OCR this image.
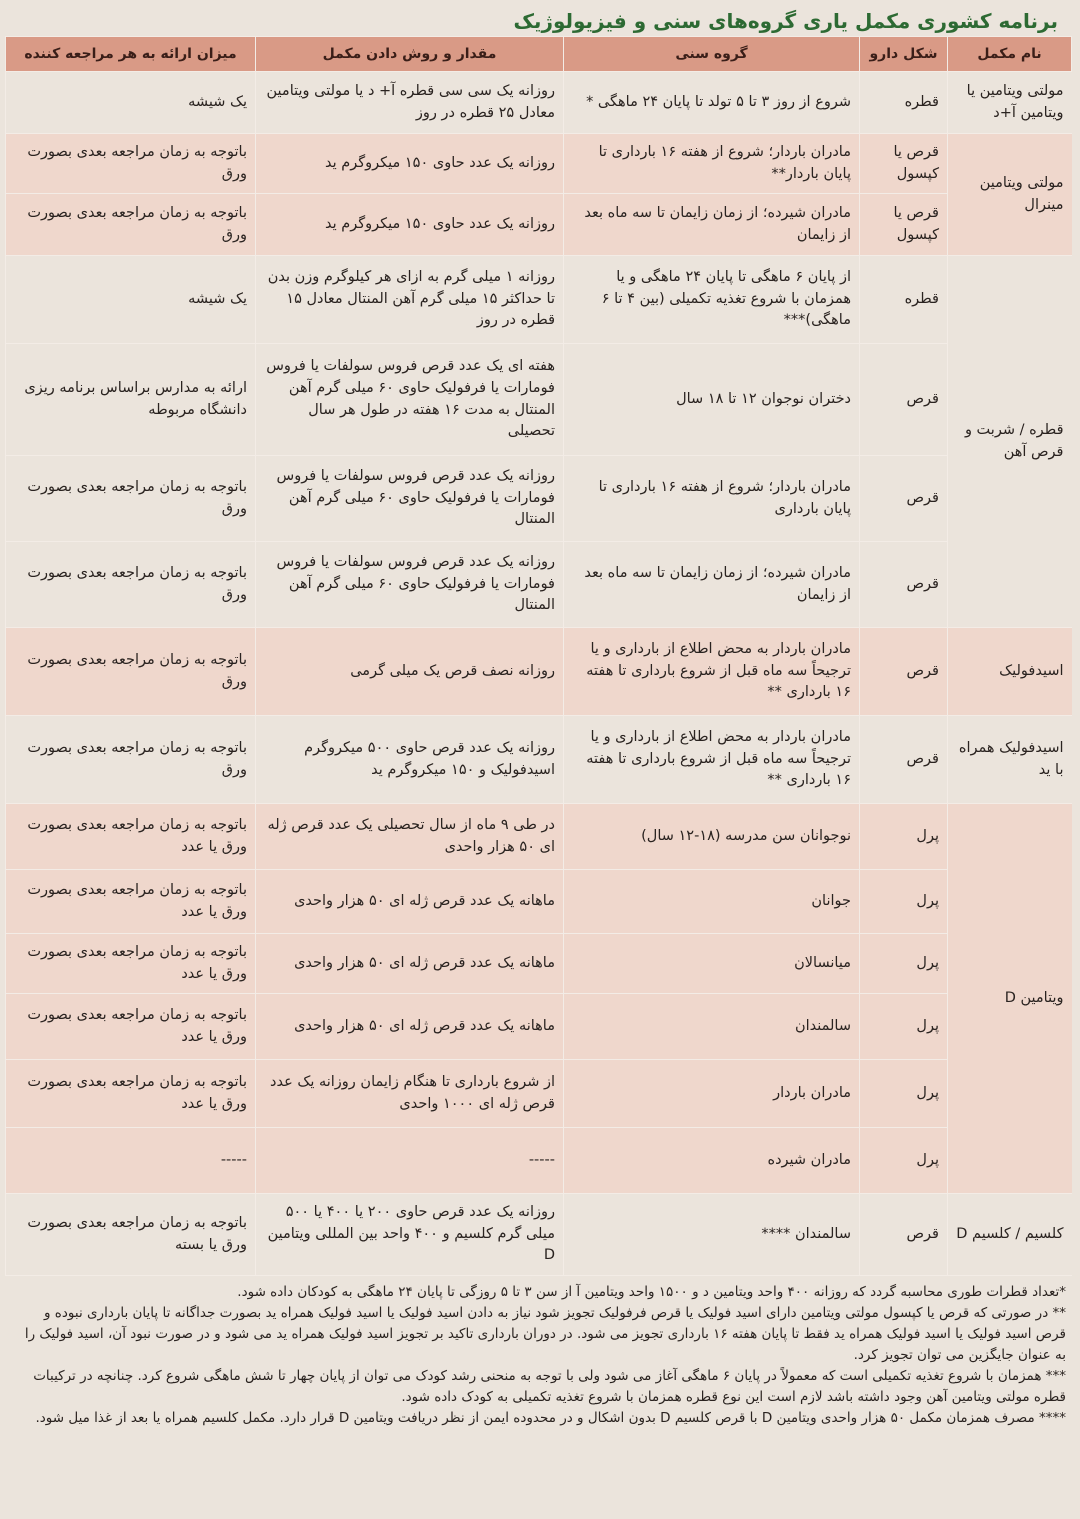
برنامه کشوری مکمل یاری گروه‌های سنی و فیزیولوژیک
نام مکمل	شکل دارو	گروه سنی	مقدار و روش دادن مکمل	میزان ارائه به هر مراجعه کننده
مولتی ویتامین یا ویتامین آ+د	قطره	شروع از روز ۳ تا ۵ تولد تا پایان ۲۴ ماهگی *	روزانه یک سی سی قطره آ+ د یا مولتی ویتامین معادل ۲۵ قطره در روز	یک شیشه
مولتی ویتامین مینرال	قرص یا کپسول	مادران باردار؛ شروع از هفته ۱۶ بارداری تا پایان باردار**	روزانه یک عدد حاوی ۱۵۰ میکروگرم ید	باتوجه به زمان مراجعه بعدی بصورت ورق
	قرص یا کپسول	مادران شیرده؛ از زمان زایمان تا سه ماه بعد از زایمان	روزانه یک عدد حاوی ۱۵۰ میکروگرم ید	باتوجه به زمان مراجعه بعدی بصورت ورق
قطره / شربت و قرص آهن	قطره	از پایان ۶ ماهگی تا پایان ۲۴ ماهگی و یا همزمان با شروع تغذیه تکمیلی (بین ۴ تا ۶ ماهگی)***	روزانه ۱ میلی گرم به ازای هر کیلوگرم وزن بدن تا حداکثر ۱۵ میلی گرم آهن المنتال معادل ۱۵ قطره در روز	یک شیشه
	قرص	دختران نوجوان ۱۲ تا ۱۸ سال	هفته ای یک عدد قرص فروس سولفات یا فروس فومارات یا فرفولیک حاوی ۶۰ میلی گرم آهن المنتال به مدت ۱۶ هفته در طول هر سال تحصیلی	ارائه به مدارس براساس برنامه ریزی دانشگاه مربوطه
	قرص	مادران باردار؛ شروع از هفته ۱۶ بارداری تا پایان بارداری	روزانه یک عدد قرص فروس سولفات یا فروس فومارات یا فرفولیک حاوی ۶۰ میلی گرم آهن المنتال	باتوجه به زمان مراجعه بعدی بصورت ورق
	قرص	مادران شیرده؛ از زمان زایمان تا سه ماه بعد از زایمان	روزانه یک عدد قرص فروس سولفات یا فروس فومارات یا فرفولیک حاوی ۶۰ میلی گرم آهن المنتال	باتوجه به زمان مراجعه بعدی بصورت ورق
اسیدفولیک	قرص	مادران باردار به محض اطلاع از بارداری و یا ترجیحاً سه ماه قبل از شروع بارداری تا هفته ۱۶ بارداری **	روزانه نصف قرص یک میلی گرمی	باتوجه به زمان مراجعه بعدی بصورت ورق
اسیدفولیک همراه با ید	قرص	مادران باردار به محض اطلاع از بارداری و یا ترجیحاً سه ماه قبل از شروع بارداری تا هفته ۱۶ بارداری **	روزانه یک عدد قرص حاوی ۵۰۰ میکروگرم اسیدفولیک و ۱۵۰ میکروگرم ید	باتوجه به زمان مراجعه بعدی بصورت ورق
ویتامین D	پرل	نوجوانان سن مدرسه (۱۸-۱۲ سال)	در طی ۹ ماه از سال تحصیلی یک عدد قرص ژله ای ۵۰ هزار واحدی	باتوجه به زمان مراجعه بعدی بصورت ورق یا عدد
	پرل	جوانان	ماهانه یک عدد قرص ژله ای ۵۰ هزار واحدی	باتوجه به زمان مراجعه بعدی بصورت ورق یا عدد
	پرل	میانسالان	ماهانه یک عدد قرص ژله ای ۵۰ هزار واحدی	باتوجه به زمان مراجعه بعدی بصورت ورق یا عدد
	پرل	سالمندان	ماهانه یک عدد قرص ژله ای ۵۰ هزار واحدی	باتوجه به زمان مراجعه بعدی بصورت ورق یا عدد
	پرل	مادران باردار	از شروع بارداری تا هنگام زایمان روزانه یک عدد قرص ژله ای ۱۰۰۰ واحدی	باتوجه به زمان مراجعه بعدی بصورت ورق یا عدد
	پرل	مادران شیرده	-----	-----
کلسیم / کلسیم D	قرص	سالمندان ****	روزانه یک عدد قرص حاوی ۲۰۰ یا ۴۰۰ یا ۵۰۰ میلی گرم کلسیم و ۴۰۰ واحد بین المللی ویتامین D	باتوجه به زمان مراجعه بعدی بصورت ورق یا بسته

*تعداد قطرات طوری محاسبه گردد که روزانه ۴۰۰ واحد ویتامین د و ۱۵۰۰ واحد ویتامین آ از سن ۳ تا ۵ روزگی تا پایان ۲۴ ماهگی به کودکان داده شود.

** در صورتی که قرص یا کپسول مولتی ویتامین دارای اسید فولیک یا قرص فرفولیک تجویز شود نیاز به دادن اسید فولیک یا اسید فولیک همراه ید بصورت جداگانه تا پایان بارداری نبوده و قرص اسید فولیک یا اسید فولیک همراه ید فقط تا پایان هفته ۱۶ بارداری تجویز می شود. در دوران بارداری تاکید بر تجویز اسید فولیک همراه ید می شود و در صورت نبود آن، اسید فولیک را به عنوان جایگزین می توان تجویز کرد.

*** همزمان با شروع تغذیه تکمیلی است که معمولاً در پایان ۶ ماهگی آغاز می شود ولی با توجه به منحنی رشد کودک می توان از پایان چهار تا شش ماهگی شروع کرد. چنانچه در ترکیبات قطره مولتی ویتامین آهن وجود داشته باشد لازم است این نوع قطره همزمان با شروع تغذیه تکمیلی به کودک داده شود.

**** مصرف همزمان مکمل ۵۰ هزار واحدی ویتامین D با قرص کلسیم D بدون اشکال و در محدوده ایمن از نظر دریافت ویتامین D قرار دارد. مکمل کلسیم همراه یا بعد از غذا میل شود.
